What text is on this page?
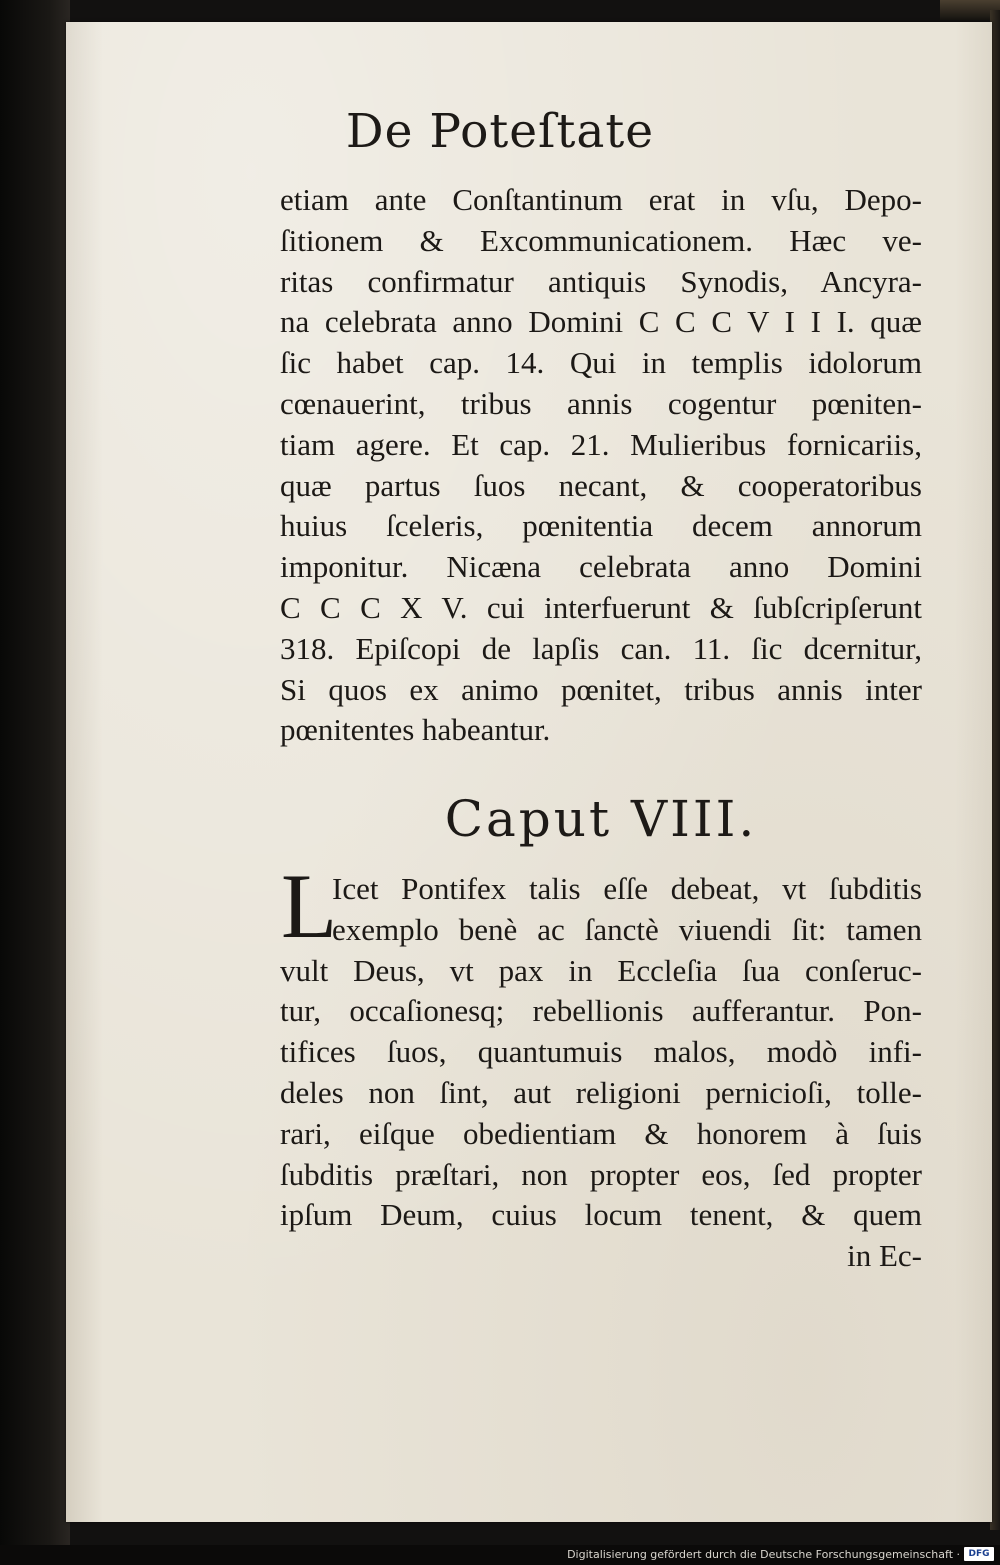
De Poteſtate
etiam ante Conſtantinum erat in vſu, Depo-
ſitionem & Excommunicationem. Hæc ve-
ritas confirmatur antiquis Synodis, Ancyra-
na celebrata anno Domini C C C V I I I. quæ
ſic habet cap. 14. Qui in templis idolorum
cœnauerint, tribus annis cogentur pœniten-
tiam agere. Et cap. 21. Mulieribus fornicariis,
quæ partus ſuos necant, & cooperatoribus
huius ſceleris, pœnitentia decem annorum
imponitur. Nicæna celebrata anno Domini
C C C X V. cui interfuerunt & ſubſcripſerunt
318. Epiſcopi de lapſis can. 11. ſic dcernitur,
Si quos ex animo pœnitet, tribus annis inter
pœnitentes habeantur.
Caput VIII.
L
Icet Pontifex talis eſſe debeat, vt ſubditis
exemplo benè ac ſanctè viuendi ſit: tamen
vult Deus, vt pax in Eccleſia ſua conſeruc-
tur, occaſionesq; rebellionis aufferantur. Pon-
tifices ſuos, quantumuis malos, modò infi-
deles non ſint, aut religioni pernicioſi, tolle-
rari, eiſque obedientiam & honorem à ſuis
ſubditis præſtari, non propter eos, ſed propter
ipſum Deum, cuius locum tenent, & quem
in Ec-
Digitalisierung gefördert durch die Deutsche Forschungsgemeinschaft · DFG
